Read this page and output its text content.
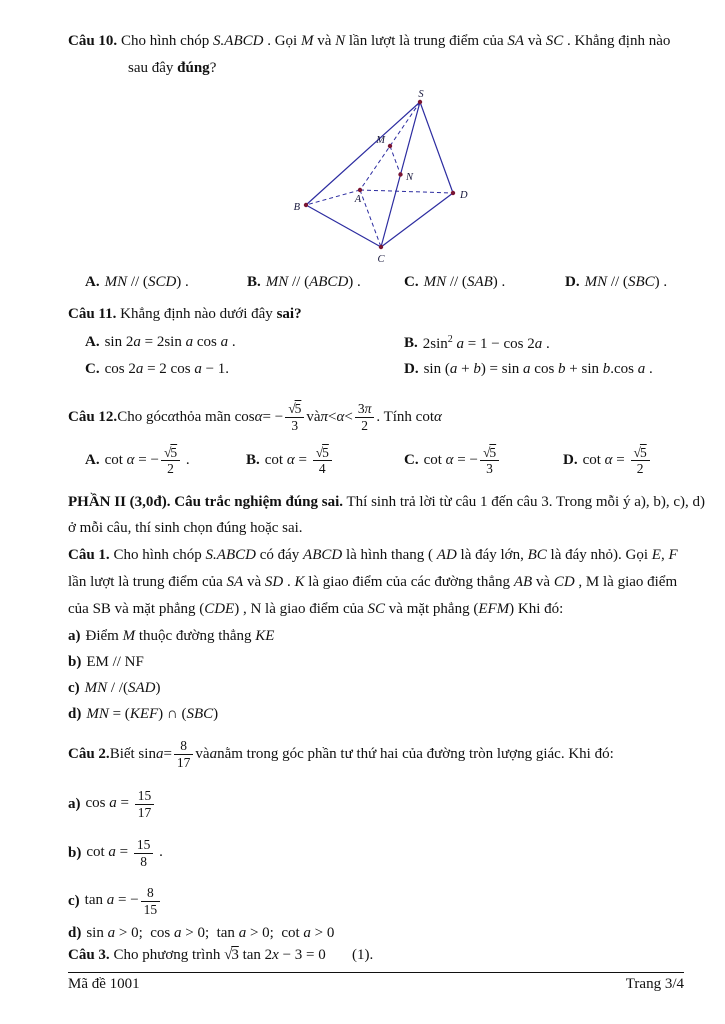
Câu 10. Cho hình chóp S.ABCD . Gọi M và N lần lượt là trung điểm của SA và SC . Khẳng định nào
sau đây đúng?
S
M
N
A
B
C
D
A. MN // (SCD) .	B. MN // (ABCD) .	C. MN // (SAB) .	D. MN // (SBC) .
Câu 11. Khẳng định nào dưới đây sai?
A. sin 2a = 2sin a cos a .	B. $2\sin^2$ a = 1 − cos 2a .
C. cos 2a = 2 cos a − 1.	D. sin (a + b) = sin a cos b + sin b.cos a .
Câu 12. Cho góc α thỏa mãn cos α = − $\frac{√5}{3}$ và $\pi < \alpha < \frac{3\pi}{2}$ . Tính cot α
A. cot α = − $\frac{√5}{2}$ .	B. $\cot \alpha = \frac{√5}{4}$	C. cot α = − $\frac{√5}{3}$	D. $\cot \alpha = \frac{√5}{2}$
PHẦN II (3,0đ). Câu trắc nghiệm đúng sai. Thí sinh trả lời từ câu 1 đến câu 3. Trong mỗi ý a), b), c), d)
ở mỗi câu, thí sinh chọn đúng hoặc sai.
Câu 1. Cho hình chóp S.ABCD có đáy ABCD là hình thang ( AD là đáy lớn, BC là đáy nhỏ). Gọi E, F
lần lượt là trung điểm của SA và SD . K là giao điểm của các đường thẳng AB và CD , M là giao điểm
của SB và mặt phẳng (CDE) , N là giao điểm của SC và mặt phẳng (EFM) Khi đó:
a) Điểm M thuộc đường thẳng KE
b) EM // NF
c) MN / /(SAD)
d) MN = (KEF) ∩ (SBC)
Câu 2. Biết $\sin a = \frac{8}{17}$ và a nằm trong góc phần tư thứ hai của đường tròn lượng giác. Khi đó:
a) $\cos a = \frac{15}{17}$
b) $\cot a = \frac{15}{8}$ .
c) tan a = − $\frac{8}{15}$
d) sin a > 0;  cos a > 0;  tan a > 0;  cot a > 0
Câu 3. Cho phương trình √3 tan 2x − 3 = 0       (1).
Mã đề 1001	Trang 3/4
